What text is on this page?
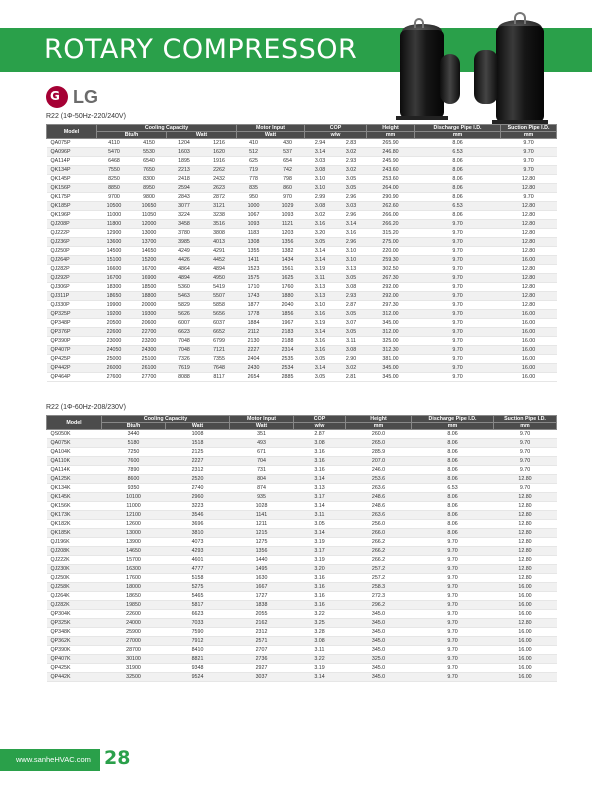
ROTARY COMPRESSOR
G LG
R22 (1Φ-50Hz-220/240V)
Model	Cooling Capacity				Motor Input		COP		Height	Discharge Pipe I.D.	Suction Pipe I.D.
	Btu/h		Watt		Watt		w/w		mm	mm	mm
QA075P	4110	4150	1204	1216	410	430	2.94	2.83	265.90	8.06	9.70
QA096P	5470	5530	1603	1620	512	537	3.14	3.02	246.80	6.53	9.70
QA114P	6468	6540	1895	1916	625	654	3.03	2.93	245.90	8.06	9.70
QK134P	7550	7650	2213	2262	719	742	3.08	3.02	243.60	8.06	9.70
QK145P	8250	8300	2418	2432	778	798	3.10	3.05	253.60	8.06	12.80
QK156P	8850	8950	2594	2623	835	860	3.10	3.05	264.00	8.06	12.80
QK175P	9700	9800	2843	2872	950	970	2.99	2.96	290.90	8.06	9.70
QK185P	10500	10650	3077	3121	1000	1029	3.08	3.03	262.60	6.53	12.80
QK196P	11000	11050	3224	3238	1067	1093	3.02	2.96	266.00	8.06	12.80
QJ208P	11800	12000	3458	3516	1093	1121	3.16	3.14	266.20	9.70	12.80
QJ222P	12900	13000	3780	3808	1183	1203	3.20	3.16	315.20	9.70	12.80
QJ236P	13600	13700	3985	4013	1308	1356	3.05	2.96	275.00	9.70	12.80
QJ250P	14500	14650	4249	4291	1355	1382	3.14	3.10	220.00	9.70	12.80
QJ264P	15100	15200	4426	4452	1411	1434	3.14	3.10	259.30	9.70	16.00
QJ282P	16600	16700	4864	4894	1523	1561	3.19	3.13	302.50	9.70	12.80
QJ292P	16700	16900	4894	4950	1575	1625	3.11	3.05	267.30	9.70	12.80
QJ306P	18300	18500	5360	5419	1710	1760	3.13	3.08	292.00	9.70	12.80
QJ311P	18650	18800	5463	5507	1743	1880	3.13	2.93	292.00	9.70	12.80
QJ330P	19900	20000	5829	5858	1877	2040	3.10	2.87	297.30	9.70	12.80
QP325P	19200	19300	5626	5656	1778	1856	3.16	3.05	312.00	9.70	16.00
QP348P	20500	20600	6007	6037	1884	1967	3.19	3.07	345.00	9.70	16.00
QP376P	22600	22700	6623	6652	2112	2183	3.14	3.05	312.00	9.70	16.00
QP390P	23000	23200	7048	6799	2130	2188	3.16	3.11	325.00	9.70	16.00
QP407P	24050	24300	7048	7121	2227	2314	3.16	3.08	312.30	9.70	16.00
QP425P	25000	25100	7326	7355	2404	2535	3.05	2.90	381.00	9.70	16.00
QP442P	26000	26100	7619	7648	2430	2534	3.14	3.02	345.00	9.70	16.00
QP464P	27600	27700	8088	8117	2654	2885	3.05	2.81	345.00	9.70	16.00
R22 (1Φ-60Hz-208/230V)
Model	Cooling Capacity		Motor Input	COP	Height	Discharge Pipe I.D.	Suction Pipe I.D.
	Btu/h	Watt	Watt	w/w	mm	mm	mm
QS050K	3440	1008	351	2.87	260.0	8.06	9.70
QA075K	5180	1518	493	3.08	265.0	8.06	9.70
QA104K	7250	2125	671	3.16	285.9	8.06	9.70
QA110K	7600	2227	704	3.16	207.0	8.06	9.70
QA114K	7890	2312	731	3.16	246.0	8.06	9.70
QA125K	8600	2520	804	3.14	253.6	8.06	12.80
QK134K	9350	2740	874	3.13	263.6	6.53	9.70
QK145K	10100	2960	935	3.17	248.6	8.06	12.80
QK156K	11000	3223	1028	3.14	248.6	8.06	12.80
QK173K	12100	3546	1141	3.11	263.6	8.06	12.80
QK182K	12600	3696	1211	3.05	256.0	8.06	12.80
QK185K	13000	3810	1215	3.14	266.0	8.06	12.80
QJ196K	13900	4073	1275	3.19	266.2	9.70	12.80
QJ208K	14650	4293	1356	3.17	266.2	9.70	12.80
QJ222K	15700	4601	1440	3.19	266.2	9.70	12.80
QJ230K	16300	4777	1495	3.20	257.2	9.70	12.80
QJ250K	17600	5158	1630	3.16	257.2	9.70	12.80
QJ258K	18000	5275	1667	3.16	258.3	9.70	16.00
QJ264K	18650	5465	1727	3.16	272.3	9.70	16.00
QJ282K	19850	5817	1838	3.16	296.2	9.70	16.00
QP304K	22600	6623	2055	3.22	345.0	9.70	16.00
QP325K	24000	7033	2162	3.25	345.0	9.70	12.80
QP348K	25900	7590	2312	3.28	345.0	9.70	16.00
QP362K	27000	7912	2571	3.08	345.0	9.70	16.00
QP390K	28700	8410	2707	3.11	345.0	9.70	16.00
QP407K	30100	8821	2736	3.22	325.0	9.70	16.00
QP425K	31900	9348	2927	3.19	345.0	9.70	16.00
QP442K	32500	9524	3037	3.14	345.0	9.70	16.00
www.sanheHVAC.com 28
